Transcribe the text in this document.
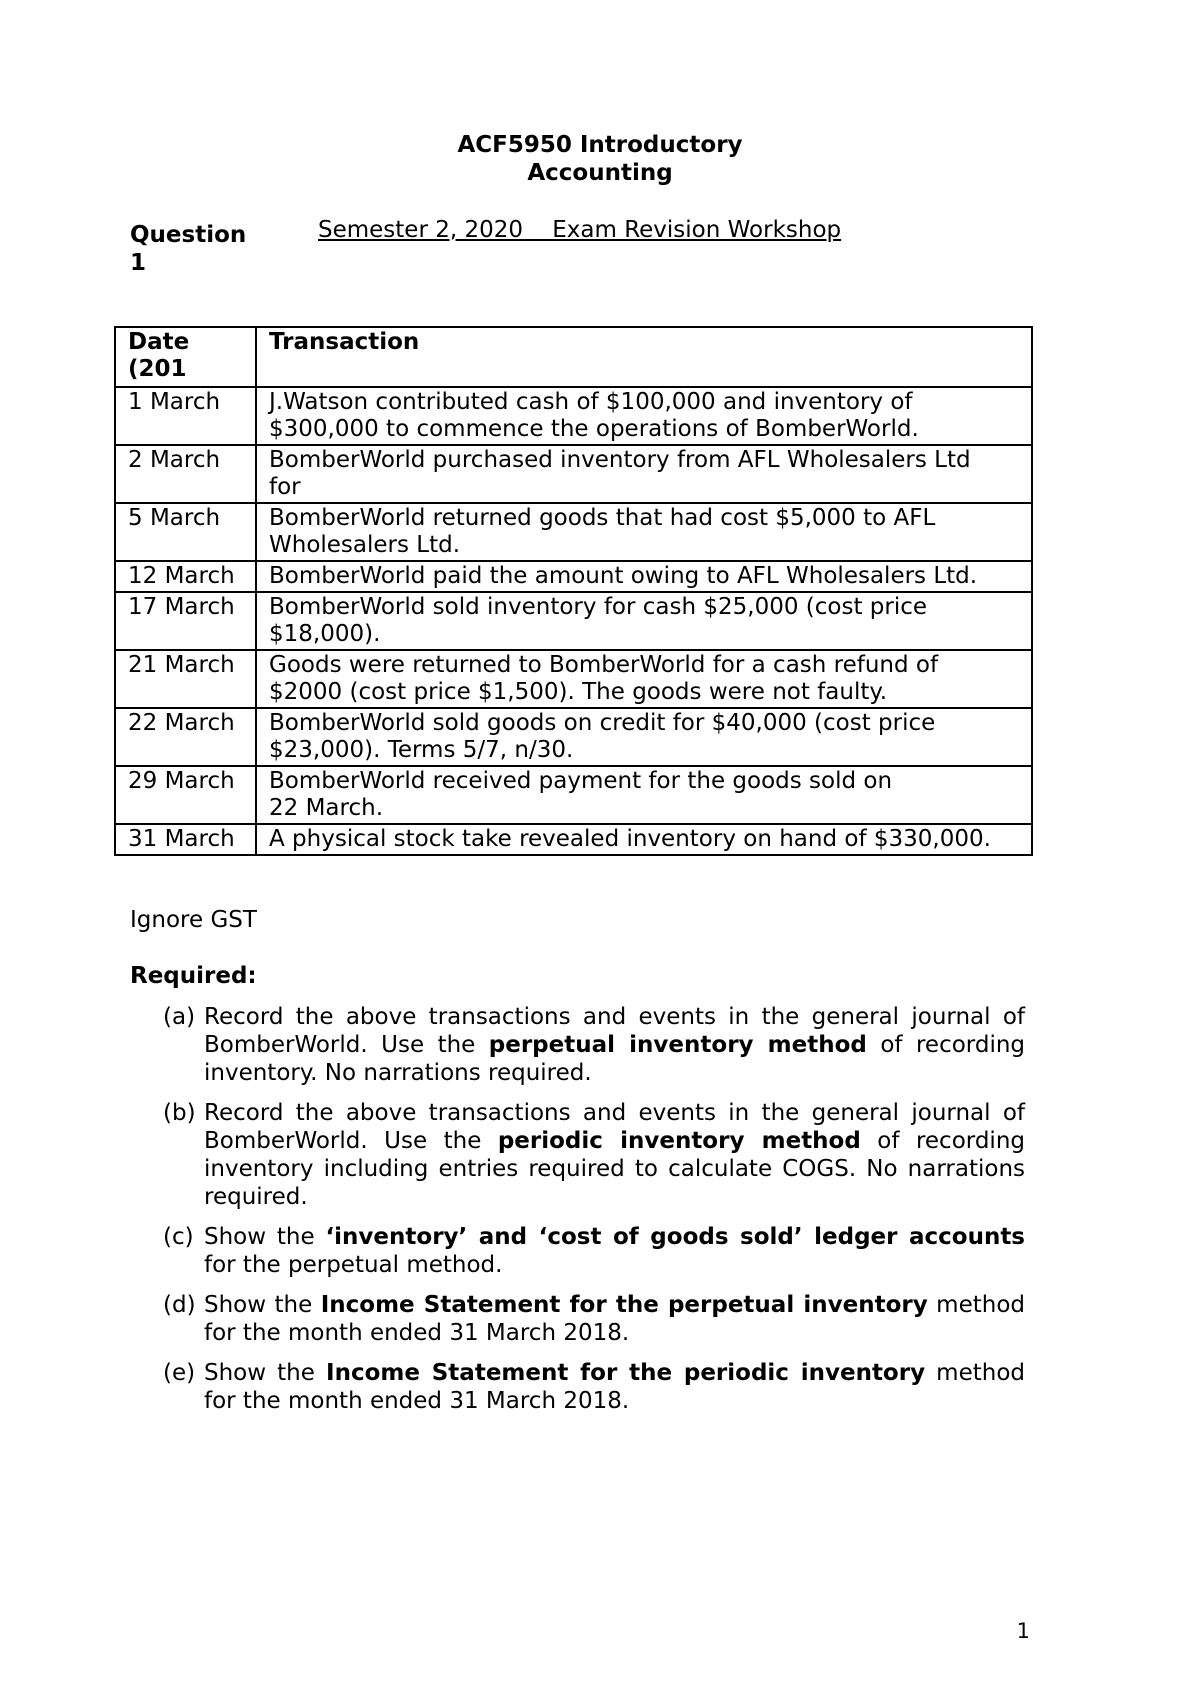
ACF5950 Introductory
Accounting
Question
1
Semester 2, 2020    Exam Revision Workshop
Date
(201	Transaction
1 March	J.Watson contributed cash of $100,000 and inventory of
$300,000 to commence the operations of BomberWorld.

2 March	BomberWorld purchased inventory from AFL Wholesalers Ltd
for

5 March	BomberWorld returned goods that had cost $5,000 to AFL
Wholesalers Ltd.

12 March	BomberWorld paid the amount owing to AFL Wholesalers Ltd.

17 March	BomberWorld sold inventory for cash $25,000 (cost price
$18,000).

21 March	Goods were returned to BomberWorld for a cash refund of
$2000 (cost price $1,500). The goods were not faulty.

22 March	BomberWorld sold goods on credit for $40,000 (cost price
$23,000). Terms 5/7, n/30.

29 March	BomberWorld received payment for the goods sold on
22 March.

31 March	A physical stock take revealed inventory on hand of $330,000.
Ignore GST
Required:
(a) Record the above transactions and events in the general journal of BomberWorld. Use the perpetual inventory method of recording inventory. No narrations required.
(b) Record the above transactions and events in the general journal of BomberWorld. Use the periodic inventory method of recording inventory including entries required to calculate COGS. No narrations required.
(c) Show the ‘inventory’ and ‘cost of goods sold’ ledger accounts for the perpetual method.
(d) Show the Income Statement for the perpetual inventory method for the month ended 31 March 2018.
(e) Show the Income Statement for the periodic inventory method for the month ended 31 March 2018.
1
